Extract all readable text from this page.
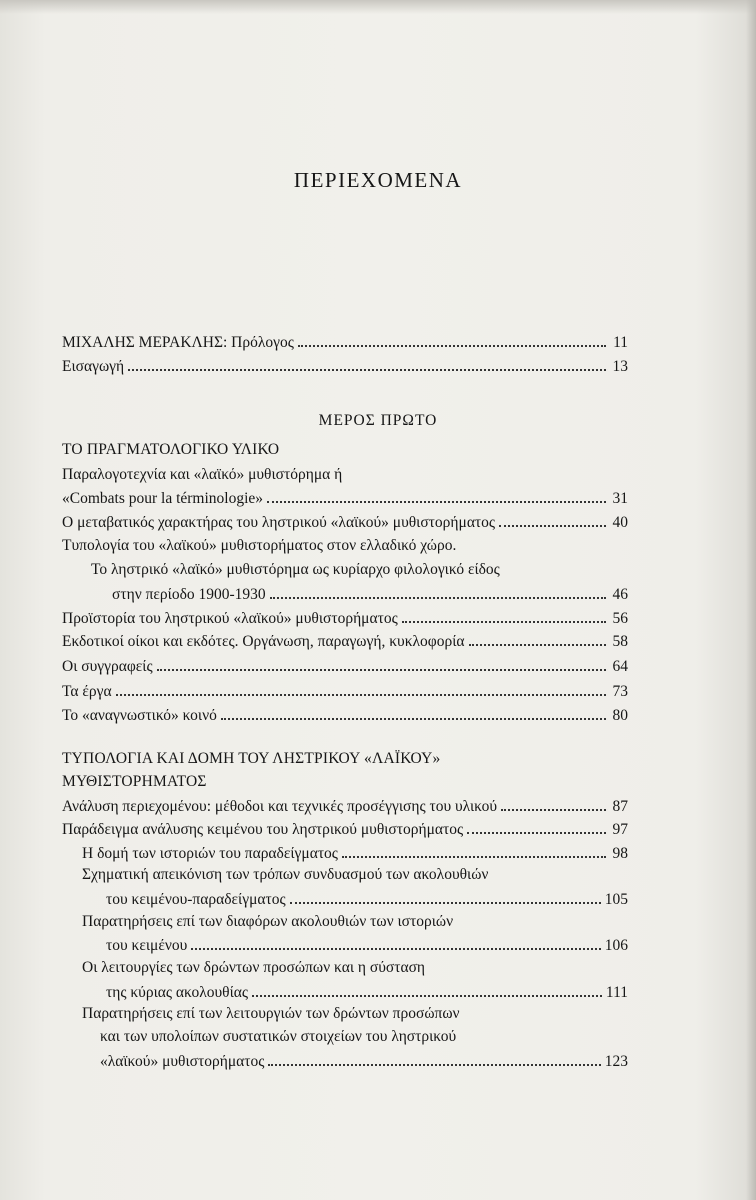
ΠΕΡΙΕΧΟΜΕΝΑ
ΜΙΧΑΛΗΣ ΜΕΡΑΚΛΗΣ: Πρόλογος	11
Εισαγωγή	13
ΜΕΡΟΣ ΠΡΩΤΟ
ΤΟ ΠΡΑΓΜΑΤΟΛΟΓΙΚΟ ΥΛΙΚΟ
Παραλογοτεχνία και «λαϊκό» μυθιστόρημα ή
«Combats pour la términologie»	31
Ο μεταβατικός χαρακτήρας του ληστρικού «λαϊκού» μυθιστορήματος	40
Τυπολογία του «λαϊκού» μυθιστορήματος στον ελλαδικό χώρο.
Το ληστρικό «λαϊκό» μυθιστόρημα ως κυρίαρχο φιλολογικό είδος
στην περίοδο 1900-1930	46
Προϊστορία του ληστρικού «λαϊκού» μυθιστορήματος	56
Εκδοτικοί οίκοι και εκδότες. Οργάνωση, παραγωγή, κυκλοφορία	58
Οι συγγραφείς	64
Τα έργα	73
Το «αναγνωστικό» κοινό	80
ΤΥΠΟΛΟΓΙΑ ΚΑΙ ΔΟΜΗ ΤΟΥ ΛΗΣΤΡΙΚΟΥ «ΛΑΪΚΟΥ»
ΜΥΘΙΣΤΟΡΗΜΑΤΟΣ
Ανάλυση περιεχομένου: μέθοδοι και τεχνικές προσέγγισης του υλικού	87
Παράδειγμα ανάλυσης κειμένου του ληστρικού μυθιστορήματος	97
Η δομή των ιστοριών του παραδείγματος	98
Σχηματική απεικόνιση των τρόπων συνδυασμού των ακολουθιών
του κειμένου-παραδείγματος	105
Παρατηρήσεις επί των διαφόρων ακολουθιών των ιστοριών
του κειμένου	106
Οι λειτουργίες των δρώντων προσώπων και η σύσταση
της κύριας ακολουθίας	111
Παρατηρήσεις επί των λειτουργιών των δρώντων προσώπων
και των υπολοίπων συστατικών στοιχείων του ληστρικού
«λαϊκού» μυθιστορήματος	123
